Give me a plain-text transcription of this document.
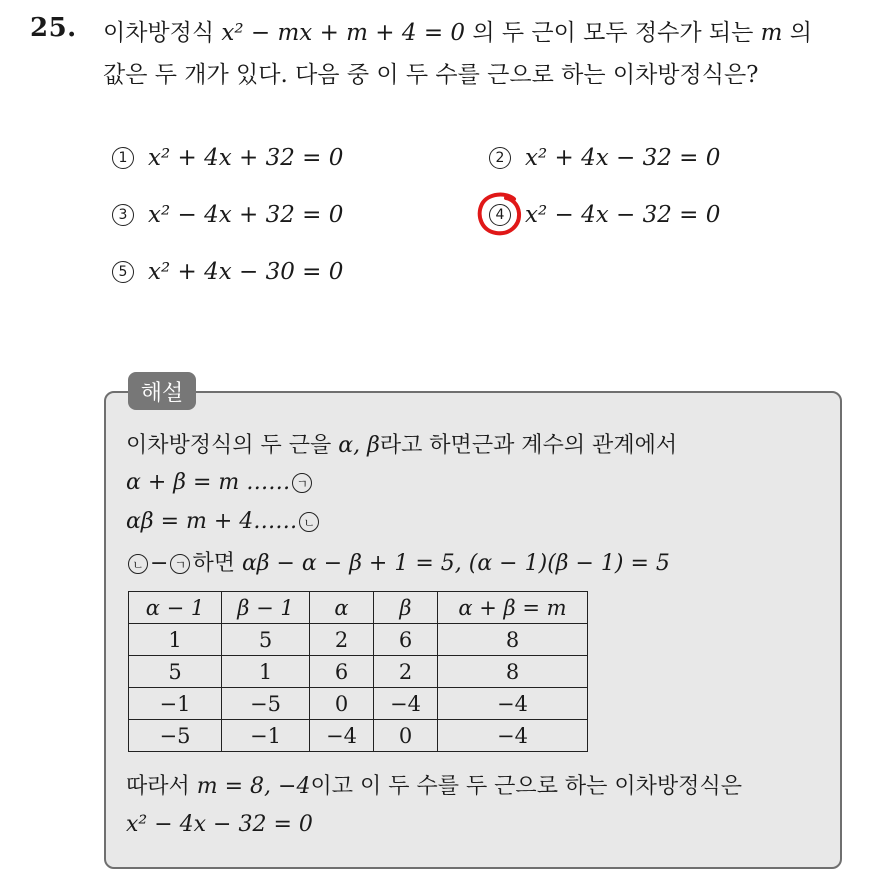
25. 이차방정식 x² − mx + m + 4 = 0 의 두 근이 모두 정수가 되는 m 의
값은 두 개가 있다. 다음 중 이 두 수를 근으로 하는 이차방정식은?
1 x² + 4x + 32 = 0	2 x² + 4x − 32 = 0
3 x² − 4x + 32 = 0	4 x² − 4x − 32 = 0
5 x² + 4x − 30 = 0
해설
이차방정식의 두 근을 α, β라고 하면근과 계수의 관계에서
α + β = m …… ㄱ
αβ = m + 4…… ㄴ
ㄴ − ㄱ 하면 αβ − α − β + 1 = 5, (α − 1)(β − 1) = 5
α − 1	β − 1	α	β	α + β = m
1	5	2	6	8
5	1	6	2	8
−1	−5	0	−4	−4
−5	−1	−4	0	−4
따라서 m = 8, −4이고 이 두 수를 두 근으로 하는 이차방정식은
x² − 4x − 32 = 0
